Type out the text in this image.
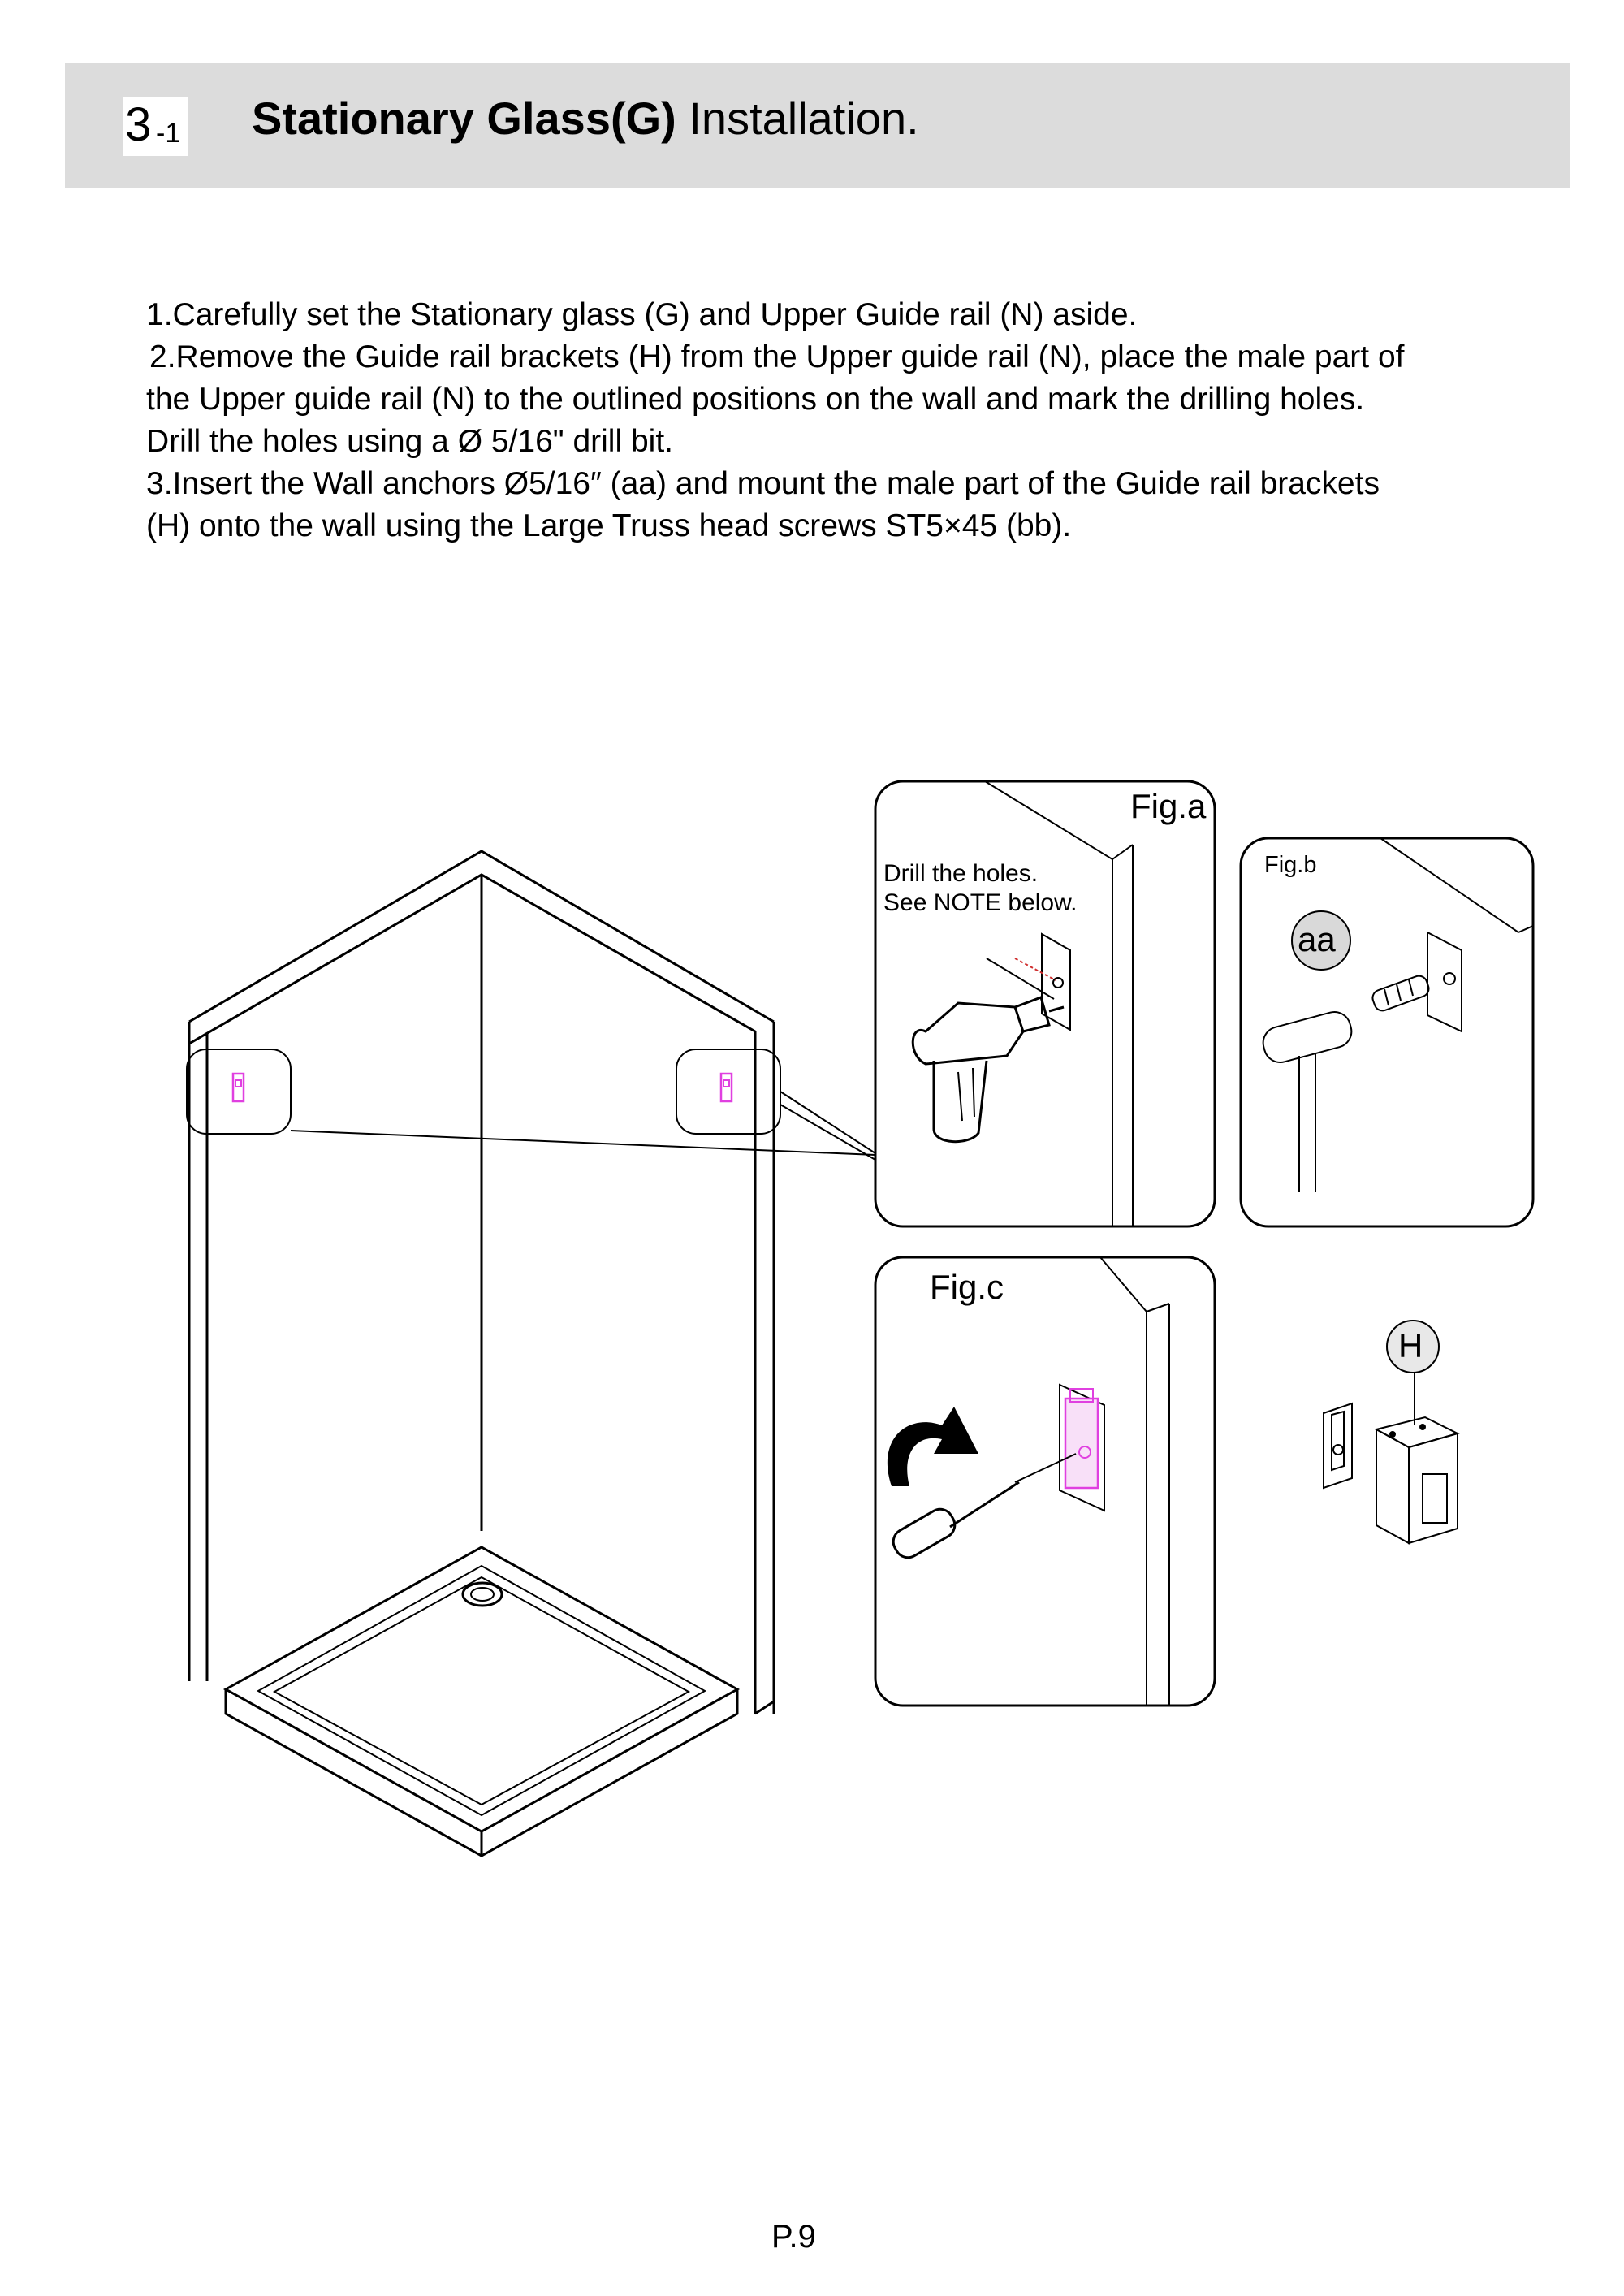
3 -1 Stationary Glass(G) Installation.
1.Carefully set the Stationary glass (G) and Upper Guide rail (N) aside.
2.Remove the Guide rail brackets (H) from the Upper guide rail (N), place the male part of
the Upper guide rail (N) to the outlined positions on the wall and mark the drilling holes.
Drill the holes using a Ø 5/16" drill bit.
3.Insert the Wall anchors Ø5/16″ (aa) and mount the male part of the Guide rail brackets
(H) onto the wall using the Large Truss head screws ST5×45 (bb).
Fig.a
Drill the holes.
See NOTE below.
Fig.b
aa
Fig.c
H
P.9
